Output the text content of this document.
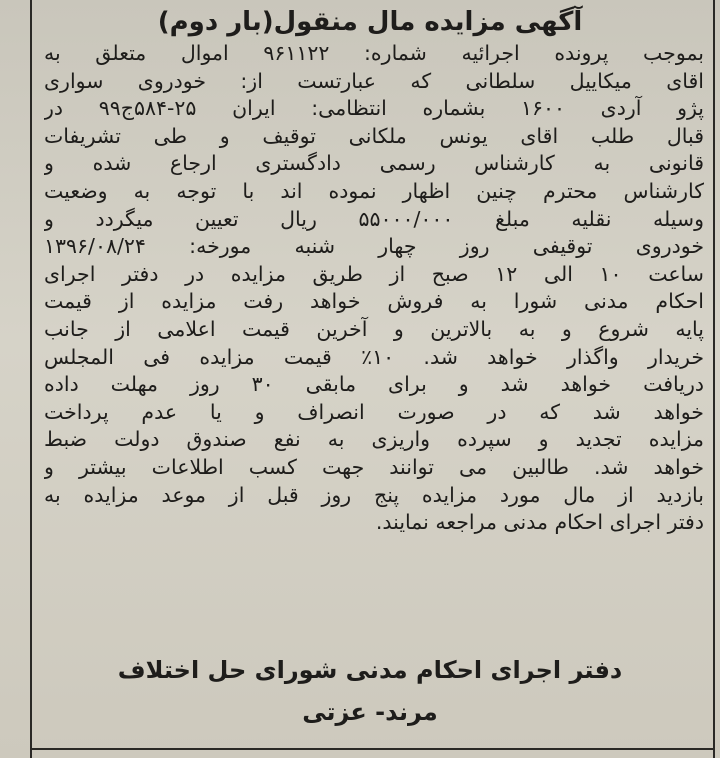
آگهی مزایده مال منقول(بار دوم)
بموجب پرونده اجرائیه شماره: ۹۶۱۱۲۲ اموال متعلق به
اقای میکاییل سلطانی که عبارتست از: خودروی سواری
پژو آردی ۱۶۰۰ بشماره انتظامی: ایران ۲۵-۵۸۴ج۹۹ در
قبال طلب اقای یونس ملکانی توقیف و طی تشریفات
قانونی به کارشناس رسمی دادگستری ارجاع شده و
کارشناس محترم چنین اظهار نموده اند با توجه به وضعیت
وسیله نقلیه مبلغ ۵۵۰۰۰/۰۰۰ ریال تعیین میگردد و
خودروی توقیفی روز چهار شنبه مورخه: ۱۳۹۶/۰۸/۲۴
ساعت ۱۰ الی ۱۲ صبح از طریق مزایده در دفتر اجرای
احکام مدنی شورا به فروش خواهد رفت مزایده از قیمت
پایه شروع و به بالاترین و آخرین قیمت اعلامی از جانب
خریدار واگذار خواهد شد. ۱۰٪ قیمت مزایده فی المجلس
دریافت خواهد شد و برای مابقی ۳۰ روز مهلت داده
خواهد شد که در صورت انصراف و یا عدم پرداخت
مزایده تجدید و سپرده واریزی به نفع صندوق دولت ضبط
خواهد شد. طالبین می توانند جهت کسب اطلاعات بیشتر و
بازدید از مال مورد مزایده پنج روز قبل از موعد مزایده به
دفتر اجرای احکام مدنی مراجعه نمایند.
دفتر اجرای احکام مدنی شورای حل اختلاف
مرند- عزتی
